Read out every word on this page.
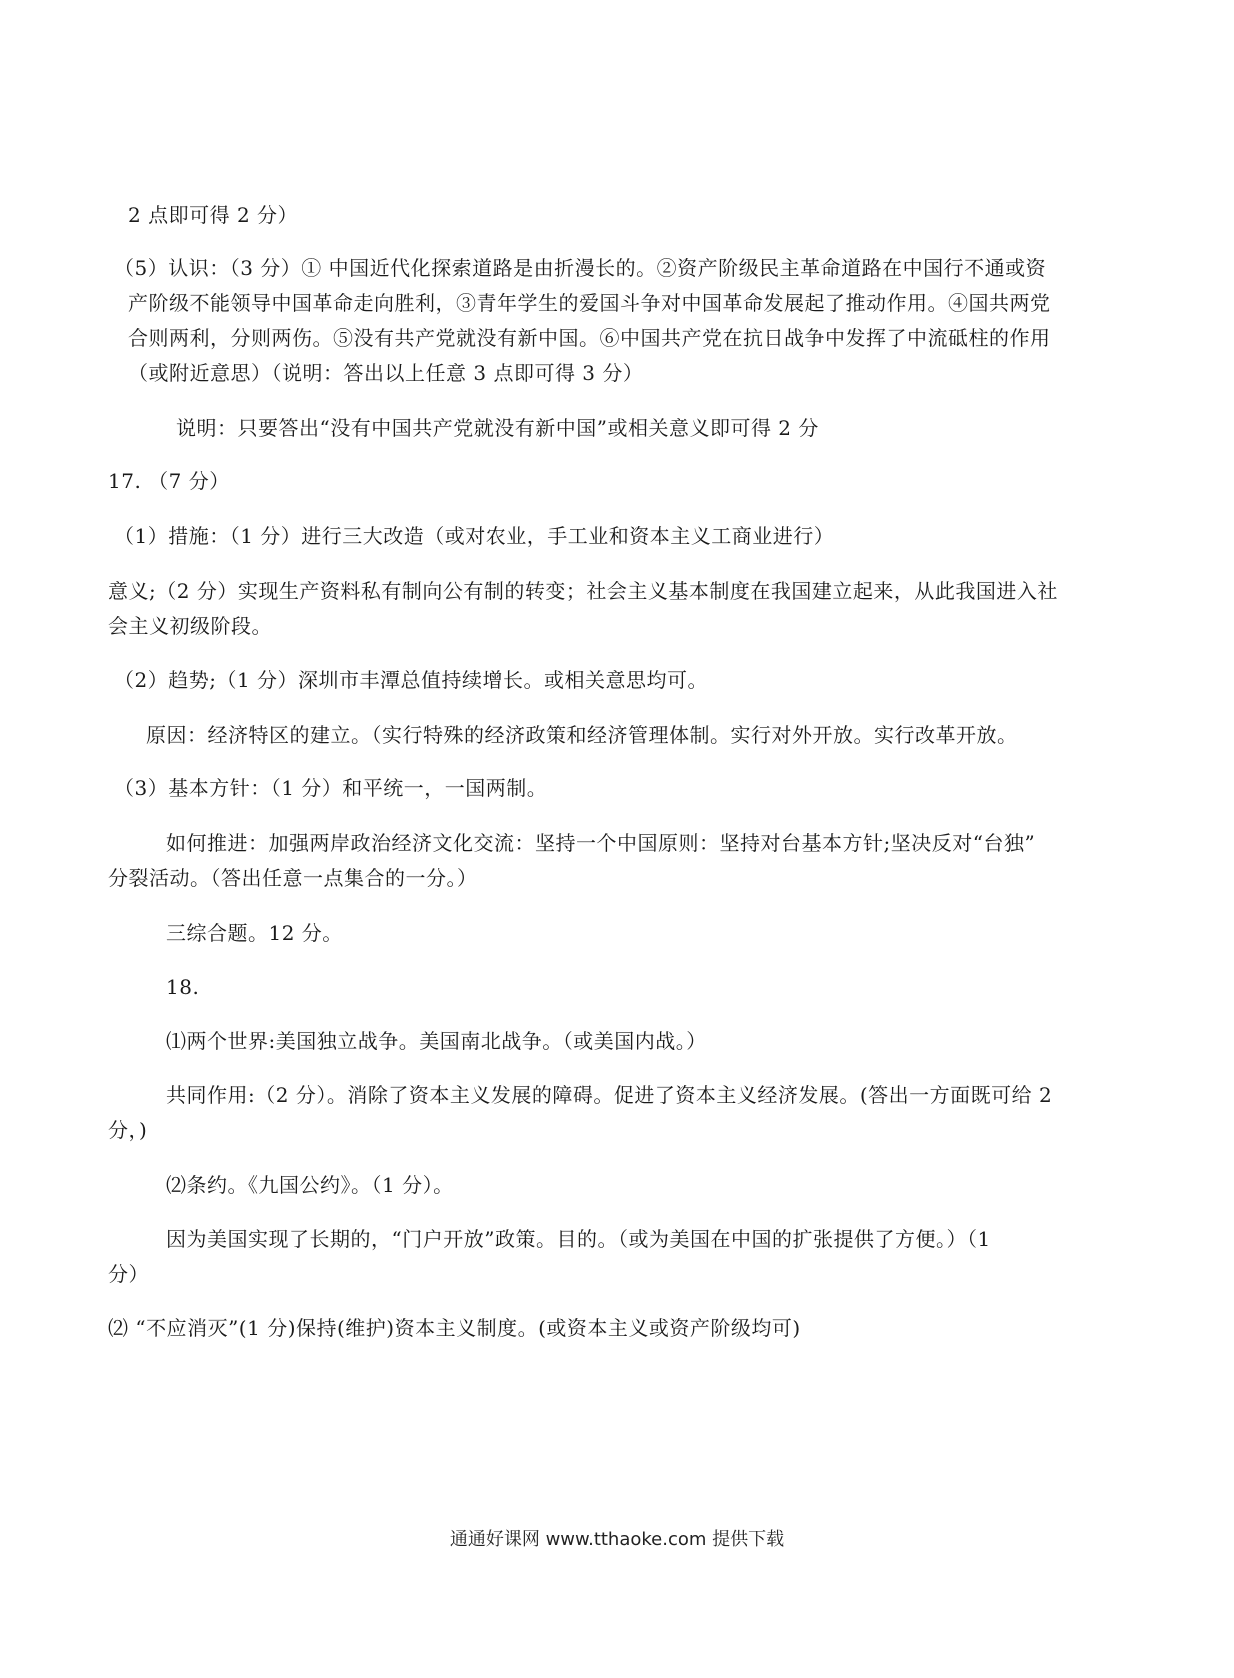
2 点即可得 2 分）
（5）认识：（3 分）① 中国近代化探索道路是由折漫长的。②资产阶级民主革命道路在中国行不通或资
产阶级不能领导中国革命走向胜利，③青年学生的爱国斗争对中国革命发展起了推动作用。④国共两党
合则两利，分则两伤。⑤没有共产党就没有新中国。⑥中国共产党在抗日战争中发挥了中流砥柱的作用
（或附近意思）（说明：答出以上任意 3 点即可得 3 分）
说明：只要答出“没有中国共产党就没有新中国”或相关意义即可得 2 分
17. （7 分）
（1）措施：（1 分）进行三大改造（或对农业，手工业和资本主义工商业进行）
意义;（2 分）实现生产资料私有制向公有制的转变；社会主义基本制度在我国建立起来，从此我国进入社
会主义初级阶段。
（2）趋势;（1 分）深圳市丰潭总值持续增长。或相关意思均可。
原因：经济特区的建立。（实行特殊的经济政策和经济管理体制。实行对外开放。实行改革开放。
（3）基本方针：（1 分）和平统一，一国两制。
如何推进：加强两岸政治经济文化交流：坚持一个中国原则：坚持对台基本方针;坚决反对“台独”
分裂活动。（答出任意一点集合的一分。）
三综合题。12 分。
18.
⑴两个世界:美国独立战争。美国南北战争。（或美国内战。）
共同作用:（2 分）。消除了资本主义发展的障碍。促进了资本主义经济发展。(答出一方面既可给 2
分，)
⑵条约。《九国公约》。（1 分）。
因为美国实现了长期的，“门户开放”政策。目的。（或为美国在中国的扩张提供了方便。）（1
分）
⑵ “不应消灭”(1 分)保持(维护)资本主义制度。(或资本主义或资产阶级均可)
通通好课网 www.tthaoke.com 提供下载
